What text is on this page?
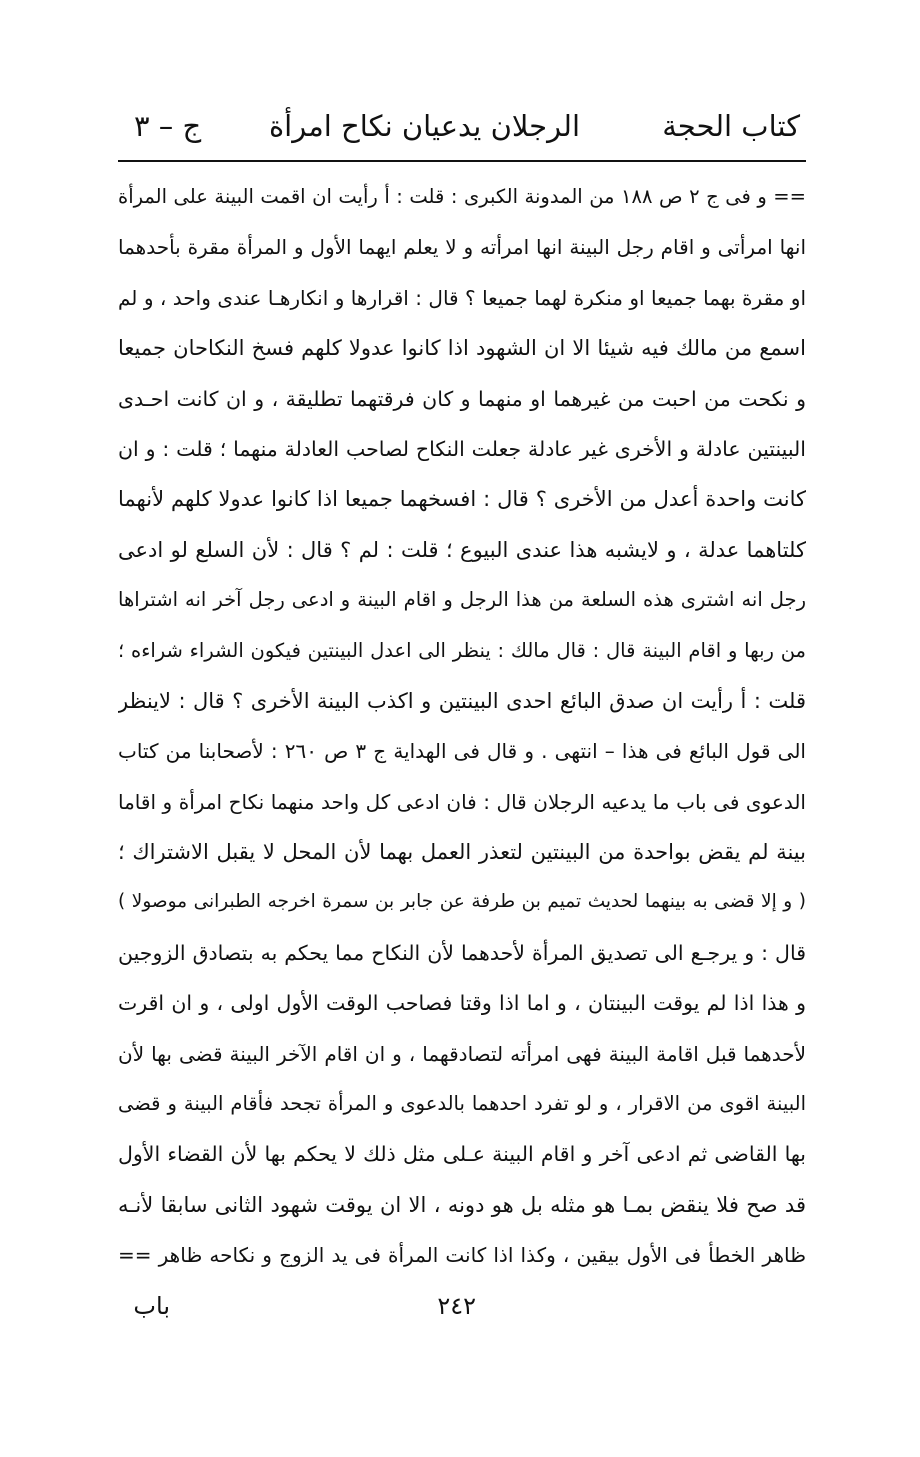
كتاب الحجة
الرجلان يدعيان نكاح امرأة
ج – ٣
== و فى ج ٢ ص ١٨٨ من المدونة الكبرى : قلت : أ رأيت ان اقمت البينة على المرأة
انها امرأتى و اقام رجل البينة انها امرأته و لا يعلم ايهما الأول و المرأة مقرة بأحدهما
او مقرة بهما جميعا او منكرة لهما جميعا ؟ قال : اقرارها و انكارهـا عندى واحد ، و لم
اسمع من مالك فيه شيئا الا ان الشهود اذا كانوا عدولا كلهم فسخ النكاحان جميعا
و نكحت من احبت من غيرهما او منهما و كان فرقتهما تطليقة ، و ان كانت احـدى
البينتين عادلة و الأخرى غير عادلة جعلت النكاح لصاحب العادلة منهما ؛ قلت : و ان
كانت واحدة أعدل من الأخرى ؟ قال : افسخهما جميعا اذا كانوا عدولا كلهم لأنهما
كلتاهما عدلة ، و لايشبه هذا عندى البيوع ؛ قلت : لم ؟ قال : لأن السلع لو ادعى
رجل انه اشترى هذه السلعة من هذا الرجل و اقام البينة و ادعى رجل آخر انه اشتراها
من ربها و اقام البينة قال : قال مالك : ينظر الى اعدل البينتين فيكون الشراء شراءه ؛
قلت : أ رأيت ان صدق البائع احدى البينتين و اكذب البينة الأخرى ؟ قال : لاينظر
الى قول البائع فى هذا – انتهى . و قال فى الهداية ج ٣ ص ٢٦٠ : لأصحابنا من كتاب
الدعوى فى باب ما يدعيه الرجلان قال : فان ادعى كل واحد منهما نكاح امرأة و اقاما
بينة لم يقض بواحدة من البينتين لتعذر العمل بهما لأن المحل لا يقبل الاشتراك ؛
( و إلا قضى به بينهما لحديث تميم بن طرفة عن جابر بن سمرة اخرجه الطبرانى موصولا )
قال : و يرجـع الى تصديق المرأة لأحدهما لأن النكاح مما يحكم به بتصادق الزوجين
و هذا اذا لم يوقت البينتان ، و اما اذا وقتا فصاحب الوقت الأول اولى ، و ان اقرت
لأحدهما قبل اقامة البينة فهى امرأته لتصادقهما ، و ان اقام الآخر البينة قضى بها لأن
البينة اقوى من الاقرار ، و لو تفرد احدهما بالدعوى و المرأة تجحد فأقام البينة و قضى
بها القاضى ثم ادعى آخر و اقام البينة عـلى مثل ذلك لا يحكم بها لأن القضاء الأول
قد صح فلا ينقض بمـا هو مثله بل هو دونه ، الا ان يوقت شهود الثانى سابقا لأنـه
ظاهر الخطأ فى الأول بيقين ، وكذا اذا كانت المرأة فى يد الزوج و نكاحه ظاهر ==
٢٤٢
باب
